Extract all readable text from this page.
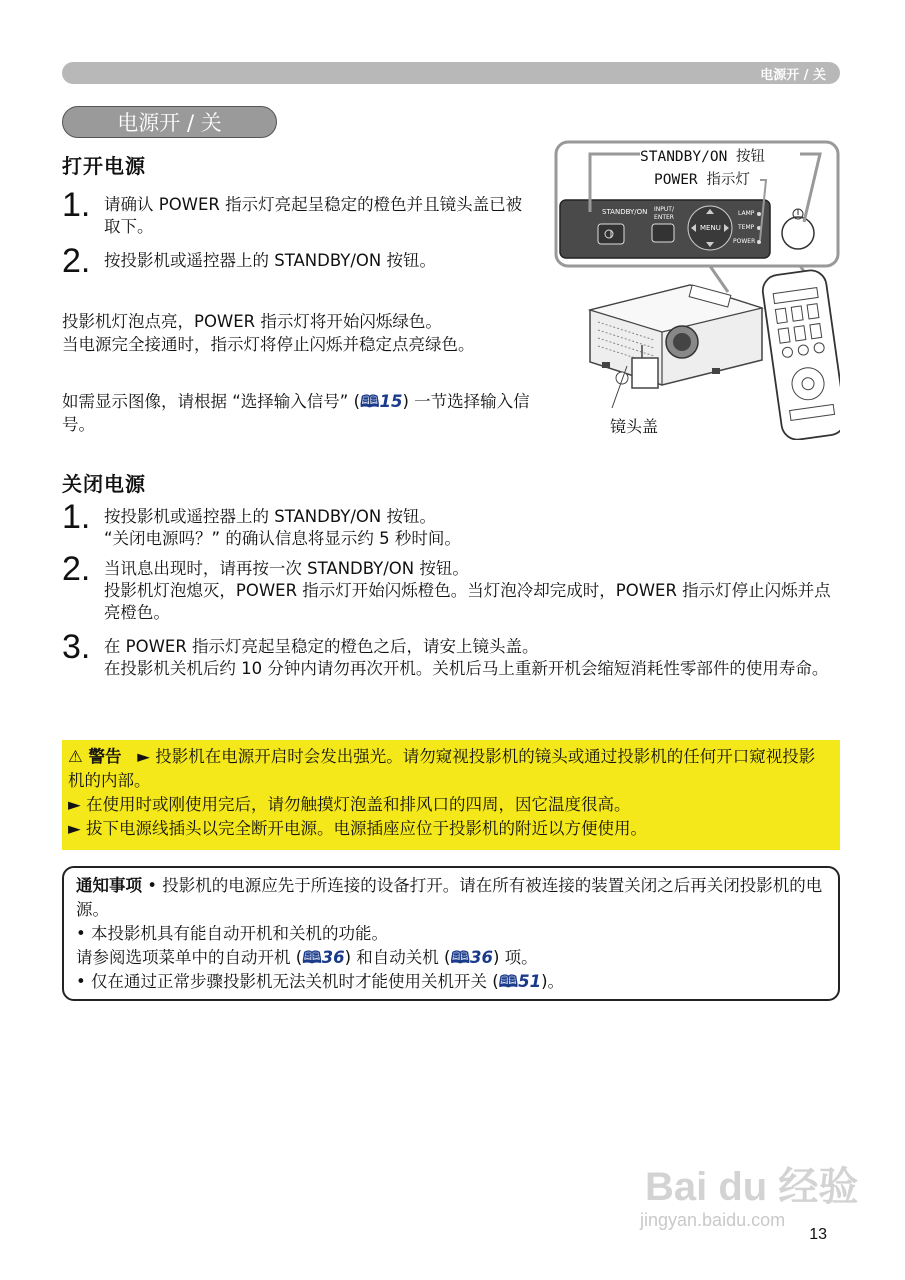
电源开 / 关
电源开 / 关
打开电源
1. 请确认 POWER 指示灯亮起呈稳定的橙色并且镜头盖已被取下。
2. 按投影机或遥控器上的 STANDBY/ON 按钮。
投影机灯泡点亮，POWER 指示灯将开始闪烁绿色。
当电源完全接通时，指示灯将停止闪烁并稳定点亮绿色。
如需显示图像，请根据 “选择输入信号” (🕮15) 一节选择输入信号。
STANDBY/ON 按钮
POWER 指示灯
STANDBY/ON	INPUT/ ENTER
MENU
LAMP
TEMP
POWER
镜头盖
关闭电源
1. 按投影机或遥控器上的 STANDBY/ON 按钮。
“关闭电源吗？” 的确认信息将显示约 5 秒时间。
2. 当讯息出现时，请再按一次 STANDBY/ON 按钮。
投影机灯泡熄灭，POWER 指示灯开始闪烁橙色。当灯泡冷却完成时，POWER 指示灯停止闪烁并点亮橙色。
3. 在 POWER 指示灯亮起呈稳定的橙色之后，请安上镜头盖。
在投影机关机后约 10 分钟内请勿再次开机。关机后马上重新开机会缩短消耗性零部件的使用寿命。
⚠ 警告   ► 投影机在电源开启时会发出强光。请勿窥视投影机的镜头或通过投影机的任何开口窥视投影机的内部。
► 在使用时或刚使用完后，请勿触摸灯泡盖和排风口的四周，因它温度很高。
► 拔下电源线插头以完全断开电源。电源插座应位于投影机的附近以方便使用。
通知事项 • 投影机的电源应先于所连接的设备打开。请在所有被连接的装置关闭之后再关闭投影机的电源。
• 本投影机具有能自动开机和关机的功能。
请参阅选项菜单中的自动开机 (🕮36) 和自动关机 (🕮36) 项。
• 仅在通过正常步骤投影机无法关机时才能使用关机开关 (🕮51)。
Bai du 经验
jingyan.baidu.com
13
